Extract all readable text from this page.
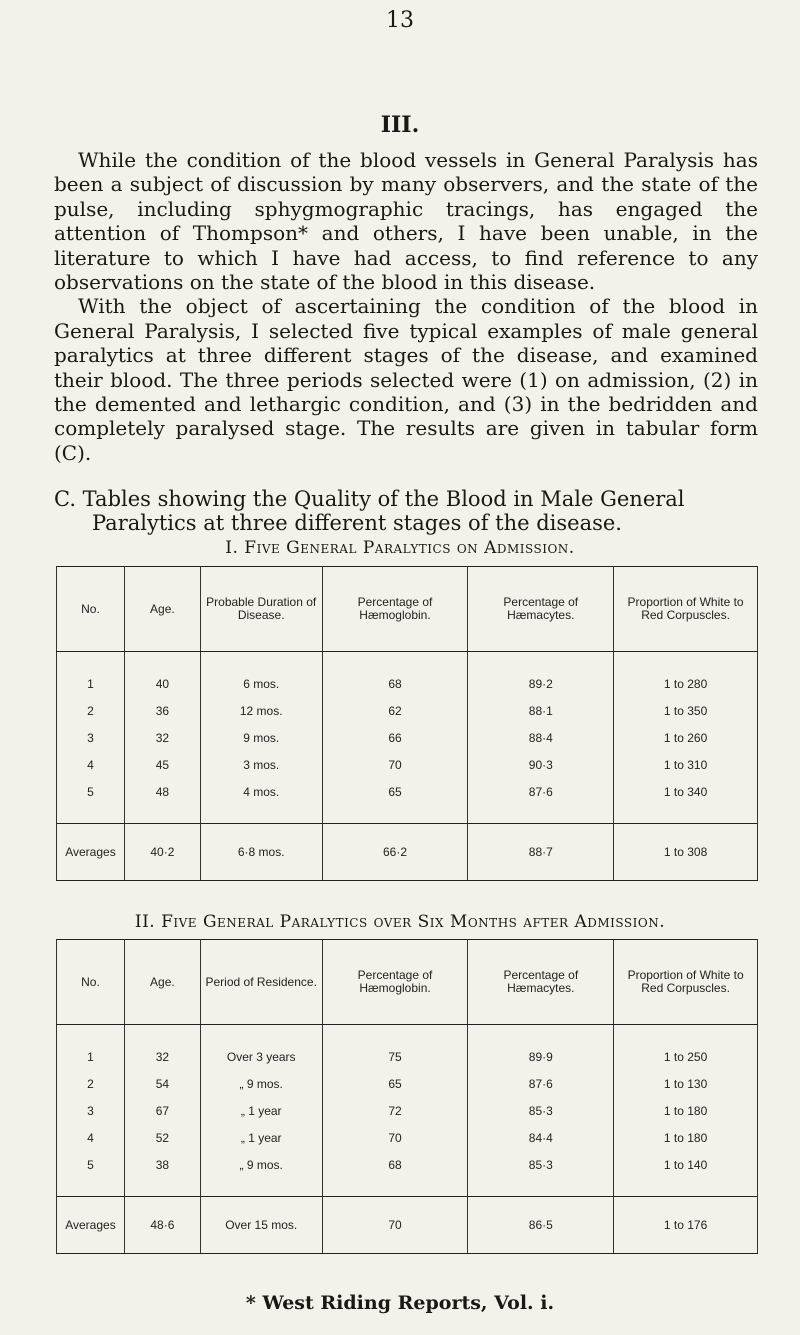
13
III.

While the condition of the blood vessels in General Paralysis has been a subject of discussion by many observers, and the state of the pulse, including sphygmographic tracings, has engaged the attention of Thompson* and others, I have been unable, in the literature to which I have had access, to find reference to any observations on the state of the blood in this disease.

With the object of ascertaining the condition of the blood in General Paralysis, I selected five typical examples of male general paralytics at three different stages of the disease, and examined their blood. The three periods selected were (1) on admission, (2) in the demented and lethargic condition, and (3) in the bedridden and completely paralysed stage. The results are given in tabular form (C).

C. Tables showing the Quality of the Blood in Male General
Paralytics at three different stages of the disease.
I. Five General Paralytics on Admission.
No.	Age.	Probable Duration of Disease.	Percentage of Hæmoglobin.	Percentage of Hæmacytes.	Proportion of White to Red Corpuscles.
1	40	6 mos.	68	89·2	1 to 280
2	36	12 mos.	62	88·1	1 to 350
3	32	9 mos.	66	88·4	1 to 260
4	45	3 mos.	70	90·3	1 to 310
5	48	4 mos.	65	87·6	1 to 340
Averages	40·2	6·8 mos.	66·2	88·7	1 to 308
II. Five General Paralytics over Six Months after Admission.
No.	Age.	Period of Residence.	Percentage of Hæmoglobin.	Percentage of Hæmacytes.	Proportion of White to Red Corpuscles.
1	32	Over 3 years	75	89·9	1 to 250
2	54	„ 9 mos.	65	87·6	1 to 130
3	67	„ 1 year	72	85·3	1 to 180
4	52	„ 1 year	70	84·4	1 to 180
5	38	„ 9 mos.	68	85·3	1 to 140
Averages	48·6	Over 15 mos.	70	86·5	1 to 176
* West Riding Reports, Vol. i.
